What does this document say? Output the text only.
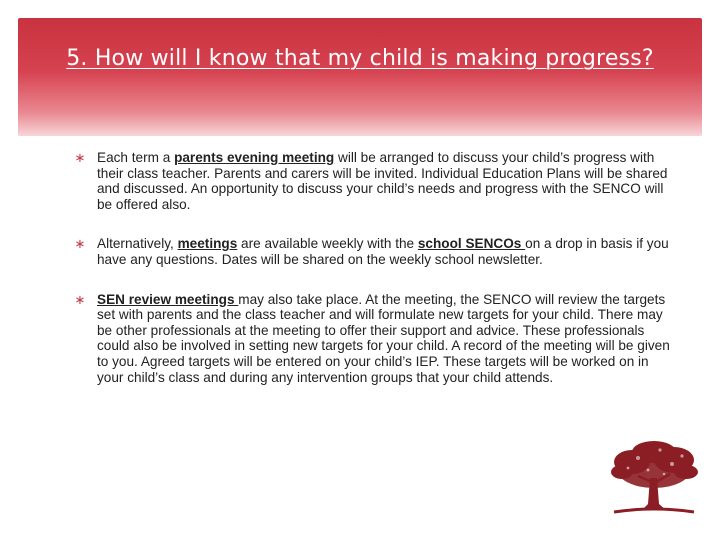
5. How will I know that my child is making progress?
∗ Each term a parents evening meeting will be arranged to discuss your child’s progress with their class teacher. Parents and carers will be invited. Individual Education Plans will be shared and discussed. An opportunity to discuss your child’s needs and progress with the SENCO will be offered also.
∗ Alternatively, meetings are available weekly with the school SENCOs on a drop in basis if you have any questions. Dates will be shared on the weekly school newsletter.
∗ SEN review meetings may also take place. At the meeting, the SENCO will review the targets set with parents and the class teacher and will formulate new targets for your child. There may be other professionals at the meeting to offer their support and advice. These professionals could also be involved in setting new targets for your child. A record of the meeting will be given to you. Agreed targets will be entered on your child’s IEP. These targets will be worked on in your child’s class and during any intervention groups that your child attends.
